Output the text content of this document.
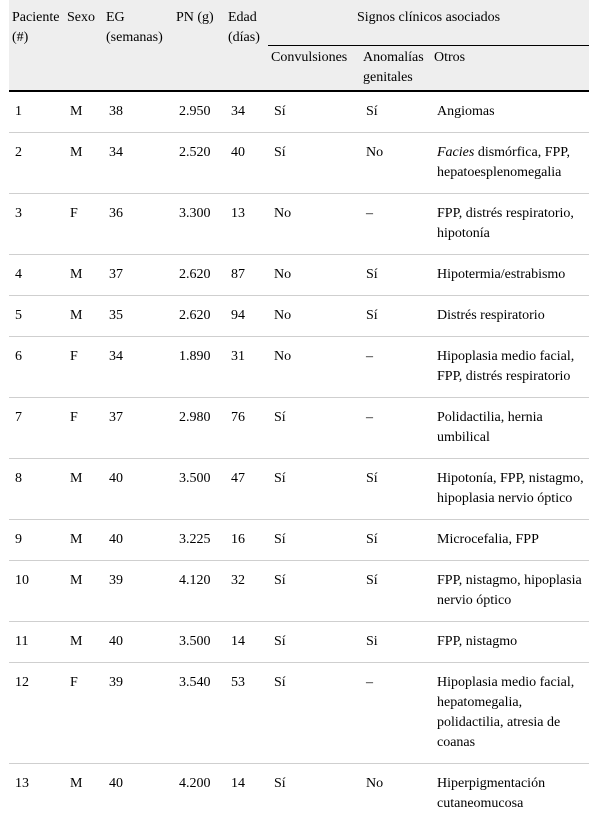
Paciente (#)	Sexo	EG (semanas)	PN (g)	Edad (días)	Signos clínicos asociados		
					Convulsiones	Anomalías genitales	Otros

1	M	38	2.950	34	Sí	Sí	Angiomas
2	M	34	2.520	40	Sí	No	Facies dismórfica, FPP, hepatoesplenomegalia
3	F	36	3.300	13	No	–	FPP, distrés respiratorio, hipotonía
4	M	37	2.620	87	No	Sí	Hipotermia/estrabismo
5	M	35	2.620	94	No	Sí	Distrés respiratorio
6	F	34	1.890	31	No	–	Hipoplasia medio facial, FPP, distrés respiratorio
7	F	37	2.980	76	Sí	–	Polidactilia, hernia umbilical
8	M	40	3.500	47	Sí	Sí	Hipotonía, FPP, nistagmo, hipoplasia nervio óptico
9	M	40	3.225	16	Sí	Sí	Microcefalia, FPP
10	M	39	4.120	32	Sí	Sí	FPP, nistagmo, hipoplasia nervio óptico
11	M	40	3.500	14	Sí	Si	FPP, nistagmo
12	F	39	3.540	53	Sí	–	Hipoplasia medio facial, hepatomegalia, polidactilia, atresia de coanas
13	M	40	4.200	14	Sí	No	Hiperpigmentación cutaneomucosa
